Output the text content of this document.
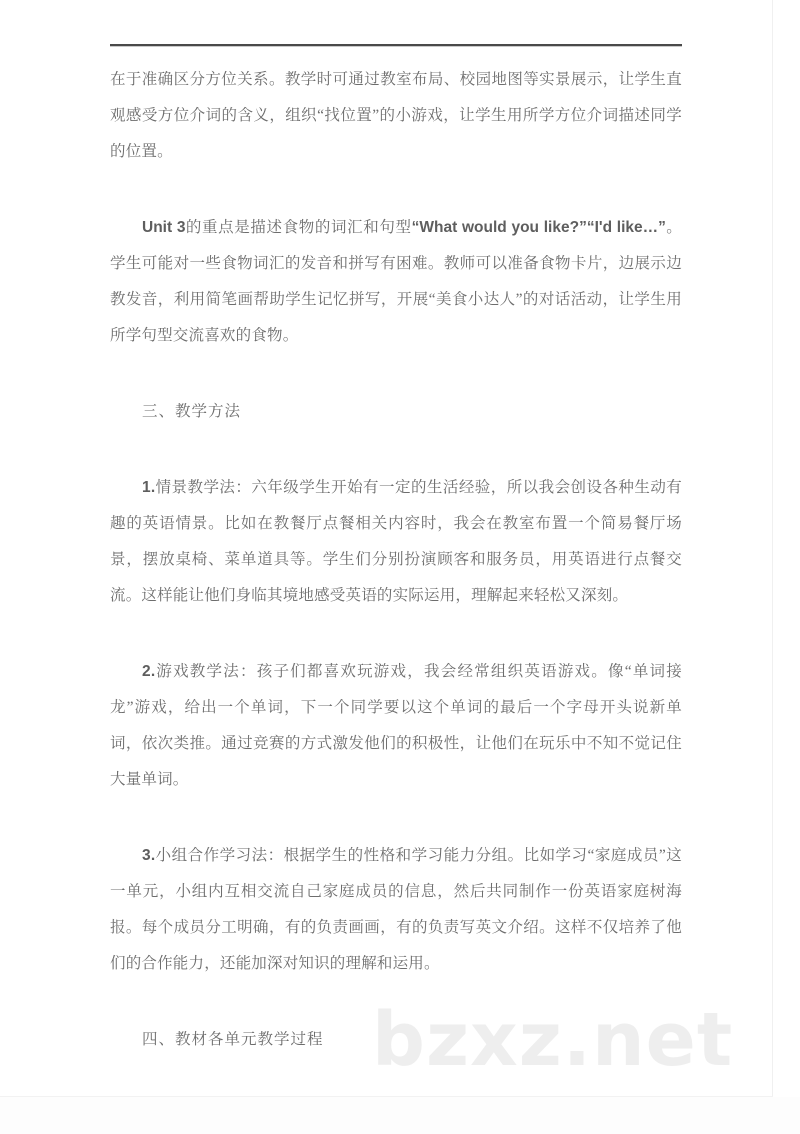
在于准确区分方位关系。教学时可通过教室布局、校园地图等实景展示，让学生直观感受方位介词的含义，组织“找位置”的小游戏，让学生用所学方位介词描述同学的位置。

Unit 3的重点是描述食物的词汇和句型“What would you like?”“I'd like…”。学生可能对一些食物词汇的发音和拼写有困难。教师可以准备食物卡片，边展示边教发音，利用简笔画帮助学生记忆拼写，开展“美食小达人”的对话活动，让学生用所学句型交流喜欢的食物。

三、教学方法

1.情景教学法：六年级学生开始有一定的生活经验，所以我会创设各种生动有趣的英语情景。比如在教餐厅点餐相关内容时，我会在教室布置一个简易餐厅场景，摆放桌椅、菜单道具等。学生们分别扮演顾客和服务员，用英语进行点餐交流。这样能让他们身临其境地感受英语的实际运用，理解起来轻松又深刻。

2.游戏教学法：孩子们都喜欢玩游戏，我会经常组织英语游戏。像“单词接龙”游戏，给出一个单词，下一个同学要以这个单词的最后一个字母开头说新单词，依次类推。通过竞赛的方式激发他们的积极性，让他们在玩乐中不知不觉记住大量单词。

3.小组合作学习法：根据学生的性格和学习能力分组。比如学习“家庭成员”这一单元，小组内互相交流自己家庭成员的信息，然后共同制作一份英语家庭树海报。每个成员分工明确，有的负责画画，有的负责写英文介绍。这样不仅培养了他们的合作能力，还能加深对知识的理解和运用。

四、教材各单元教学过程 bzxz.net
